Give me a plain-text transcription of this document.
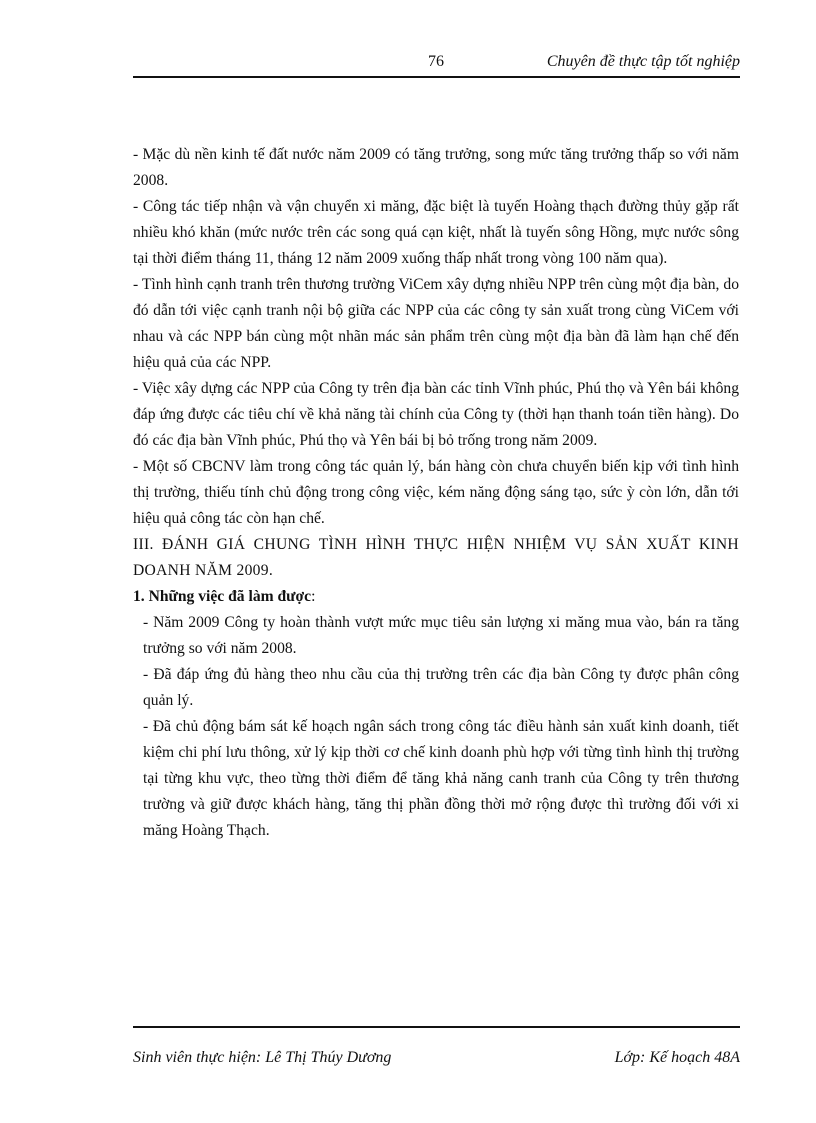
76	Chuyên đề thực tập tốt nghiệp

- Mặc dù nền kinh tế đất nước năm 2009 có tăng trưởng, song mức tăng trưởng thấp so với năm 2008.

- Công tác tiếp nhận và vận chuyển xi măng, đặc biệt là tuyến Hoàng thạch đường thủy gặp rất nhiều khó khăn (mức nước trên các song quá cạn kiệt, nhất là tuyến sông Hồng, mực nước sông tại thời điểm tháng 11, tháng 12 năm 2009 xuống thấp nhất trong vòng 100 năm qua).

- Tình hình cạnh tranh trên thương trường ViCem xây dựng nhiều NPP trên cùng một địa bàn, do đó dẫn tới việc cạnh tranh nội bộ giữa các NPP của các công ty sản xuất trong cùng ViCem với nhau và các NPP bán cùng một nhãn mác sản phẩm trên cùng một địa bàn đã làm hạn chế đến hiệu quả của các NPP.

- Việc xây dựng các NPP của Công ty trên địa bàn các tỉnh Vĩnh phúc, Phú thọ và Yên bái không đáp ứng được các tiêu chí về khả năng tài chính của Công ty (thời hạn thanh toán tiền hàng). Do đó các địa bàn Vĩnh phúc, Phú thọ và Yên bái bị bỏ trống trong năm 2009.

- Một số CBCNV làm trong công tác quản lý, bán hàng còn chưa chuyển biến kịp với tình hình thị trường, thiếu tính chủ động trong công việc, kém năng động sáng tạo, sức ỳ còn lớn, dẫn tới hiệu quả công tác còn hạn chế.

III. ĐÁNH GIÁ CHUNG TÌNH HÌNH THỰC HIỆN NHIỆM VỤ SẢN XUẤT KINH DOANH NĂM 2009.

1. Những việc đã làm được:

- Năm 2009 Công ty hoàn thành vượt mức mục tiêu sản lượng xi măng mua vào, bán ra tăng trưởng so với năm 2008.

- Đã đáp ứng đủ hàng theo nhu cầu của thị trường trên các địa bàn Công ty được phân công quản lý.

- Đã chủ động bám sát kế hoạch ngân sách trong công tác điều hành sản xuất kinh doanh, tiết kiệm chi phí lưu thông, xử lý kịp thời cơ chế kinh doanh phù hợp với từng tình hình thị trường tại từng khu vực, theo từng thời điểm để tăng khả năng canh tranh của Công ty trên thương trường và giữ được khách hàng, tăng thị phần đồng thời mở rộng được thì trường đối với xi măng Hoàng Thạch.

Sinh viên thực hiện: Lê Thị Thúy Dương	Lớp: Kế hoạch 48A
